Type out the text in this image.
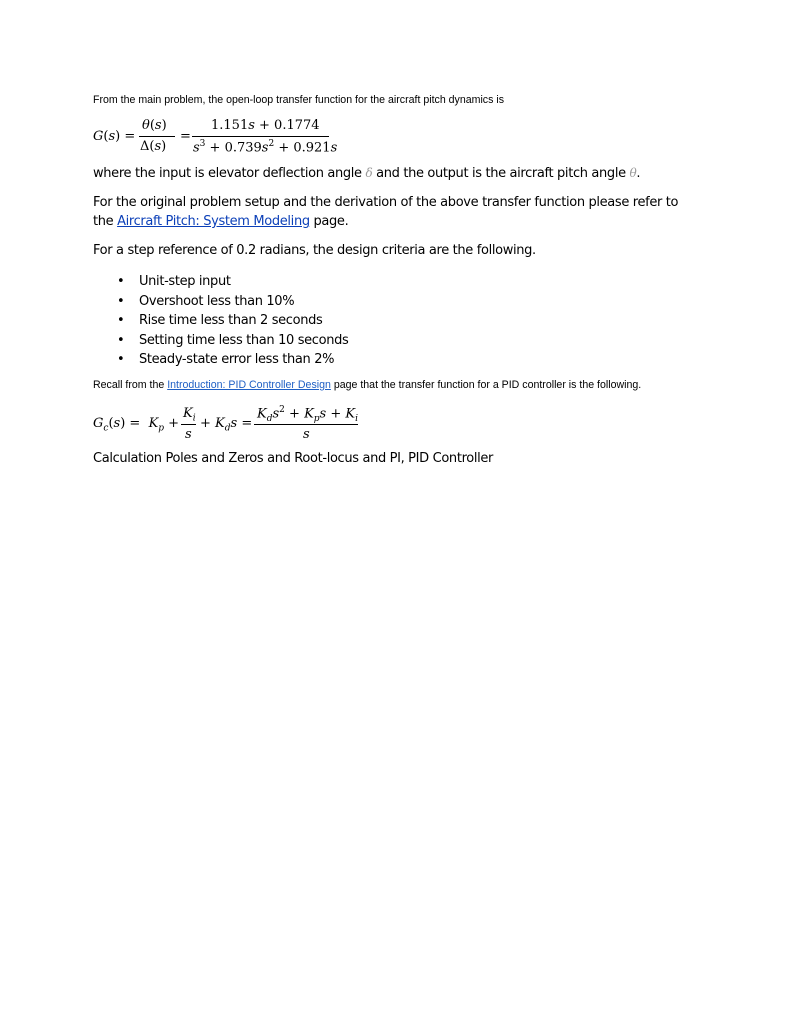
From the main problem, the open-loop transfer function for the aircraft pitch dynamics is
G(s) =
θ(s)
Δ(s)
=
1.151s + 0.1774
$s^3 + 0.739s^2 + 0.921s$
where the input is elevator deflection angle δ and the output is the aircraft pitch angle θ.
For the original problem setup and the derivation of the above transfer function please refer to
the Aircraft Pitch: System Modeling page.
For a step reference of 0.2 radians, the design criteria are the following.
• Unit-step input
• Overshoot less than 10%
• Rise time less than 2 seconds
• Setting time less than 10 seconds
• Steady-state error less than 2%
Recall from the Introduction: PID Controller Design page that the transfer function for a PID controller is the following.
$G_c(s) = K_p$ +
$K_i$
s
+ $K_ds$ =
$K_ds^2 + K_ps + K_i$
s
Calculation Poles and Zeros and Root-locus and PI, PID Controller
